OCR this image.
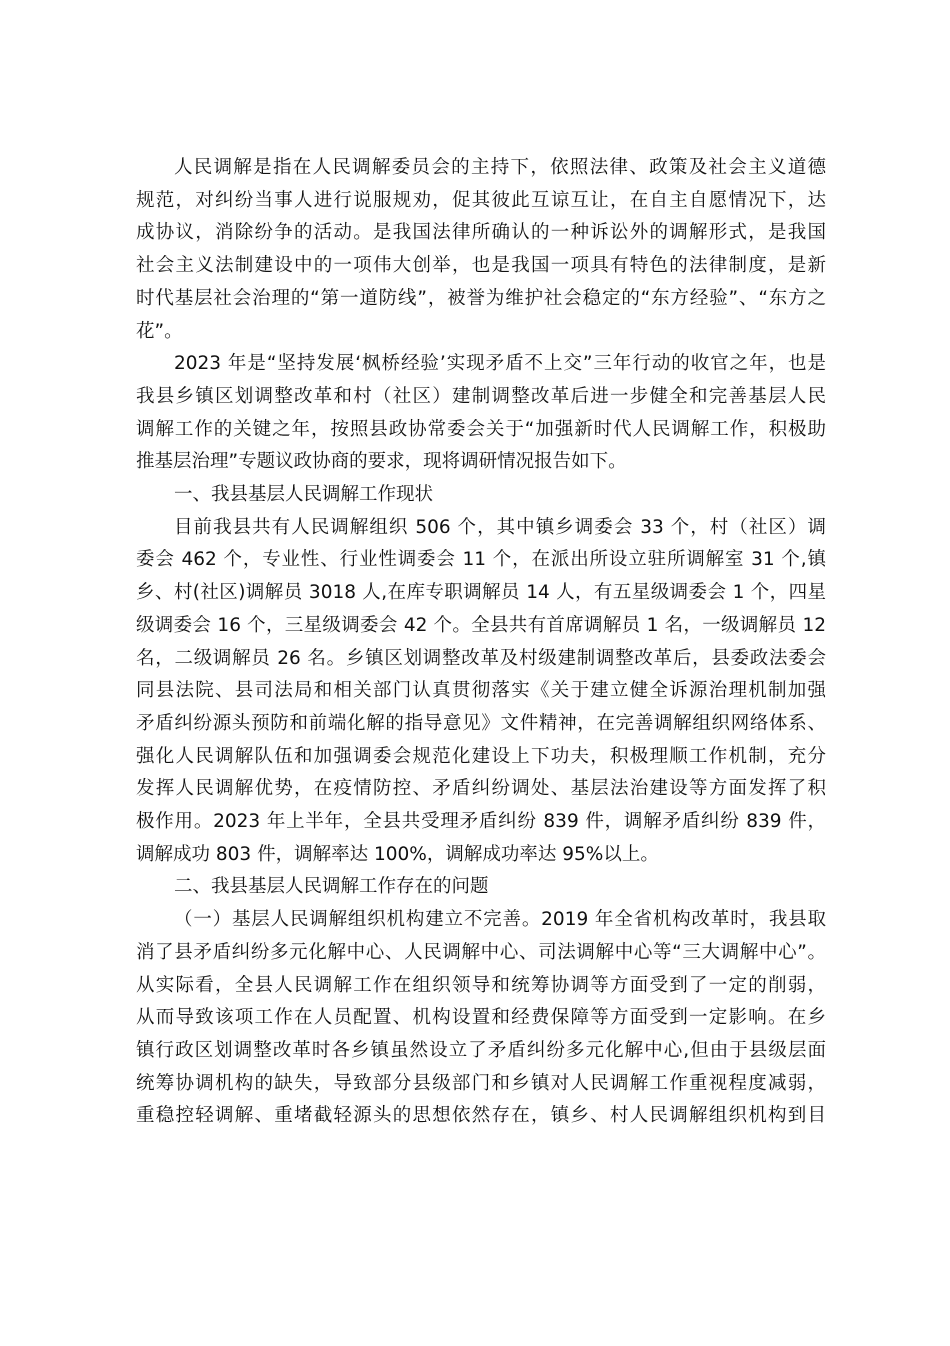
人民调解是指在人民调解委员会的主持下，依照法律、政策及社会主义道德
规范，对纠纷当事人进行说服规劝，促其彼此互谅互让，在自主自愿情况下，达
成协议，消除纷争的活动。是我国法律所确认的一种诉讼外的调解形式，是我国
社会主义法制建设中的一项伟大创举，也是我国一项具有特色的法律制度，是新
时代基层社会治理的“第一道防线”，被誉为维护社会稳定的“东方经验”、“东方之
花”。
2023 年是“坚持发展‘枫桥经验’实现矛盾不上交”三年行动的收官之年，也是
我县乡镇区划调整改革和村（社区）建制调整改革后进一步健全和完善基层人民
调解工作的关键之年，按照县政协常委会关于“加强新时代人民调解工作，积极助
推基层治理”专题议政协商的要求，现将调研情况报告如下。
一、我县基层人民调解工作现状
目前我县共有人民调解组织 506 个，其中镇乡调委会 33 个，村（社区）调
委会 462 个，专业性、行业性调委会 11 个，在派出所设立驻所调解室 31 个,镇
乡、村(社区)调解员 3018 人,在库专职调解员 14 人，有五星级调委会 1 个，四星
级调委会 16 个，三星级调委会 42 个。全县共有首席调解员 1 名，一级调解员 12
名，二级调解员 26 名。乡镇区划调整改革及村级建制调整改革后，县委政法委会
同县法院、县司法局和相关部门认真贯彻落实《关于建立健全诉源治理机制加强
矛盾纠纷源头预防和前端化解的指导意见》文件精神，在完善调解组织网络体系、
强化人民调解队伍和加强调委会规范化建设上下功夫，积极理顺工作机制，充分
发挥人民调解优势，在疫情防控、矛盾纠纷调处、基层法治建设等方面发挥了积
极作用。2023 年上半年，全县共受理矛盾纠纷 839 件，调解矛盾纠纷 839 件，
调解成功 803 件，调解率达 100%，调解成功率达 95%以上。
二、我县基层人民调解工作存在的问题
（一）基层人民调解组织机构建立不完善。2019 年全省机构改革时，我县取
消了县矛盾纠纷多元化解中心、人民调解中心、司法调解中心等“三大调解中心”。
从实际看，全县人民调解工作在组织领导和统筹协调等方面受到了一定的削弱，
从而导致该项工作在人员配置、机构设置和经费保障等方面受到一定影响。在乡
镇行政区划调整改革时各乡镇虽然设立了矛盾纠纷多元化解中心,但由于县级层面
统筹协调机构的缺失，导致部分县级部门和乡镇对人民调解工作重视程度减弱，
重稳控轻调解、重堵截轻源头的思想依然存在，镇乡、村人民调解组织机构到目
